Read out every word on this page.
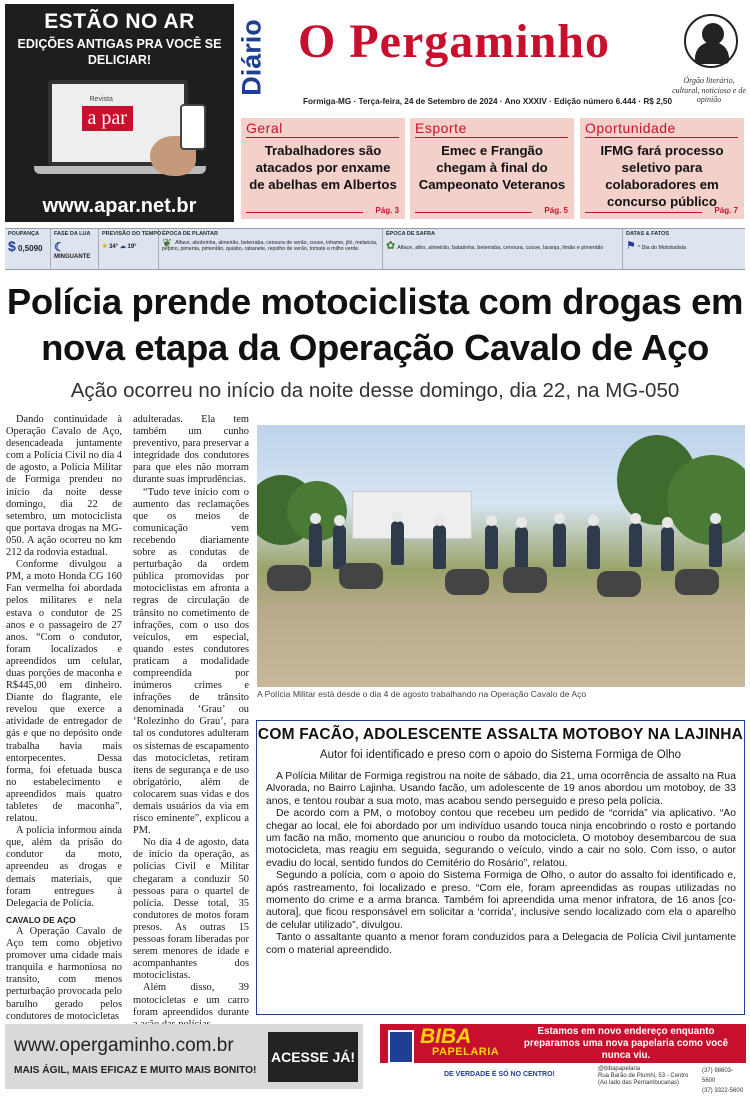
ESTÃO NO AR
EDIÇÕES ANTIGAS PRA VOCÊ SE DELICIAR!
Revista
a par
www.apar.net.br
Diário O Pergaminho
Formiga-MG · Terça-feira, 24 de Setembro de 2024 · Ano XXXIV · Edição número 6.444 · R$ 2,50
Órgão literário, cultural, noticioso e de opinião
Geral
Trabalhadores são atacados por enxame de abelhas em Albertos
Pág. 3
Esporte
Emec e Frangão chegam à final do Campeonato Veteranos
Pág. 5
Oportunidade
IFMG fará processo seletivo para colaboradores em concurso público
Pág. 7
POUPANÇA
$ 0,5090
FASE DA LUA
☾ MINGUANTE
PREVISÃO DO TEMPO
☀ 34° ☁ 19°
ÉPOCA DE PLANTAR
❦ Alface, abobrinha, almeirão, beterraba, cenoura de verão, couve, inhame, jiló, melancia, pepino, pimenta, pimentão, quiabo, rabanete, repolho de verão, tomate e milho verde.
ÉPOCA DE SAFRA
✿ Alface, alho, almeirão, batatinha, beterraba, cenoura, couve, laranja, limão e pimentão
DATAS & FATOS
⚑ * Dia do Motobalista
Polícia prende motociclista com drogas em nova etapa da Operação Cavalo de Aço
Ação ocorreu no início da noite desse domingo, dia 22, na MG-050

Dando continuidade à Operação Cavalo de Aço, desencadeada juntamente com a Polícia Civil no dia 4 de agosto, a Polícia Militar de Formiga prendeu no início da noite desse domingo, dia 22 de setembro, um motociclista que portava drogas na MG-050. A ação ocorreu no km 212 da rodovia estadual.

Conforme divulgou a PM, a moto Honda CG 160 Fan vermelha foi abordada pelos militares e nela estava o condutor de 25 anos e o passageiro de 27 anos. “Com o condutor, foram localizados e apreendidos um celular, duas porções de maconha e R$445,00 em dinheiro. Diante do flagrante, ele revelou que exerce a atividade de entregador de gás e que no depósito onde trabalha havia mais entorpecentes. Dessa forma, foi efetuada busca no estabelecimento e apreendidos mais quatro tabletes de maconha”, relatou.

A polícia informou ainda que, além da prisão do condutor da moto, apreendeu as drogas e demais materiais, que foram entregues à Delegacia de Polícia.

CAVALO DE AÇO

A Operação Cavalo de Aço tem como objetivo promover uma cidade mais tranquila e harmoniosa no transito, com menos perturbação provocada pelo barulho gerado pelos condutores de motocicletas

adulteradas. Ela tem também um cunho preventivo, para preservar a integridade dos condutores para que eles não morram durante suas imprudências.

“Tudo teve início com o aumento das reclamações que os meios de comunicação vem recebendo diariamente sobre as condutas de perturbação da ordem pública promovidas por motociclistas em afronta a regras de circulação de trânsito no cometimento de infrações, com o uso dos veículos, em especial, quando estes condutores praticam a modalidade compreendida por inúmeros crimes e infrações de trânsito denominada ‘Grau’ ou ‘Rolezinho do Grau’, para tal os condutores adulteram os sistemas de escapamento das motocicletas, retiram itens de segurança e de uso obrigatório, além de colocarem suas vidas e dos demais usuários da via em risco eminente”, explicou a PM.

No dia 4 de agosto, data de início da operação, as polícias Civil e Militar chegaram a conduzir 50 pessoas para o quartel de polícia. Desse total, 35 condutores de motos foram presos. As outras 15 pessoas foram liberadas por serem menores de idade e acompanhantes dos motociclistas.

Além disso, 39 motocicletas e um carro foram apreendidos durante

A Polícia Militar está desde o dia 4 de agosto trabalhando na Operação Cavalo de Aço
COM FACÃO, ADOLESCENTE ASSALTA MOTOBOY NA LAJINHA
Autor foi identificado e preso com o apoio do Sistema Formiga de Olho

A Polícia Militar de Formiga registrou na noite de sábado, dia 21, uma ocorrência de assalto na Rua Alvorada, no Bairro Lajinha. Usando facão, um adolescente de 19 anos abordou um motoboy, de 33 anos, e tentou roubar a sua moto, mas acabou sendo perseguido e preso pela polícia.

De acordo com a PM, o motoboy contou que recebeu um pedido de “corrida” via aplicativo. “Ao chegar ao local, ele foi abordado por um indivíduo usando touca ninja encobrindo o rosto e portando um facão na mão, momento que anunciou o roubo da motocicleta. O motoboy desembarcou de sua motocicleta, mas reagiu em seguida, segurando o veículo, vindo a cair no solo. Com isso, o autor evadiu do local, sentido fundos do Cemitério do Rosário”, relatou.

Segundo a polícia, com o apoio do Sistema Formiga de Olho, o autor do assalto foi identificado e, após rastreamento, foi localizado e preso. “Com ele, foram apreendidas as roupas utilizadas no momento do crime e a arma branca. Também foi apreendida uma menor infratora, de 16 anos [co-autora], que ficou responsável em solicitar a ‘corrida’, inclusive sendo localizado com ela o aparelho de celular utilizado”, divulgou.

Tanto o assaltante quanto a menor foram conduzidos para a Delegacia de Polícia Civil juntamente com o material apreendido.

www.opergaminho.com.br
MAIS ÁGIL, MAIS EFICAZ E MUITO MAIS BONITO!
ACESSE JÁ!
BIBA
PAPELARIA
Estamos em novo endereço enquanto preparamos uma nova papelaria como você nunca viu.
DE VERDADE É SÓ NO CENTRO!
@bibapapelaria
Rua Barão de Piumhi, 53 - Centro (Ao lado das Pernambucanas)
(37) 98603-5600
(37) 3322-5600
